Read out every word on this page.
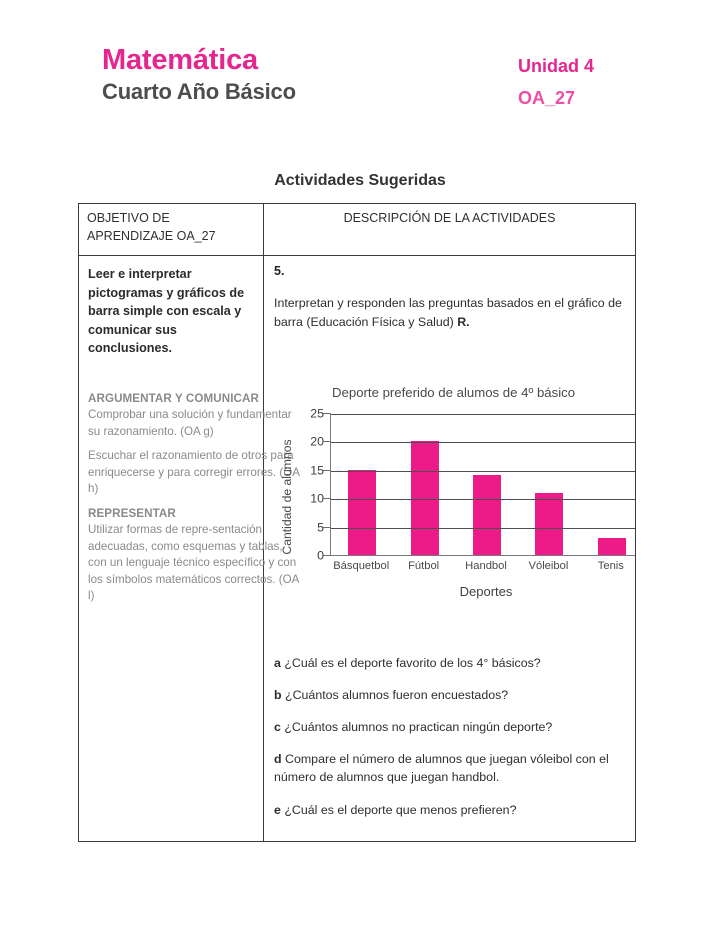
Matemática
Cuarto Año Básico
Unidad 4
OA_27
Actividades Sugeridas
OBJETIVO DE APRENDIZAJE OA_27
DESCRIPCIÓN DE LA ACTIVIDADES
Leer e interpretar pictogramas y gráficos de barra simple con escala y comunicar sus conclusiones.
ARGUMENTAR Y COMUNICAR
Comprobar una solución y fundamentar su razonamiento. (OA g)
Escuchar el razonamiento de otros para enriquecerse y para corregir errores. (OA h)
REPRESENTAR
Utilizar formas de repre-sentación adecuadas, como esquemas y tablas, con un lenguaje técnico específico y con los símbolos matemáticos correctos. (OA l)
5.
Interpretan y responden las preguntas basados en el gráfico de barra (Educación Física y Salud) R.
Deporte preferido de alumos de 4º básico
Cantidad de alumnos
0
5
10
15
20
25
Básquetbol	Fútbol	Handbol	Vóleibol	Tenis
Deportes
a ¿Cuál es el deporte favorito de los 4° básicos?
b ¿Cuántos alumnos fueron encuestados?
c ¿Cuántos alumnos no practican ningún deporte?
d Compare el número de alumnos que juegan vóleibol con el número de alumnos que juegan handbol.
e ¿Cuál es el deporte que menos prefieren?
